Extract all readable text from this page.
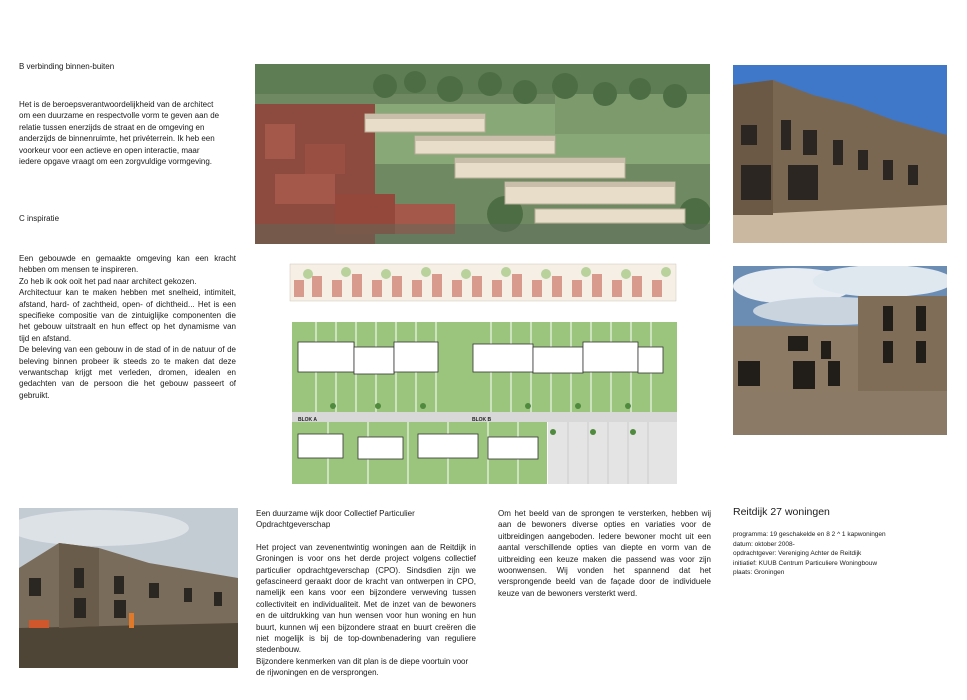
B verbinding binnen-buiten
Het is de beroepsverantwoordelijkheid van de architect om een duurzame en respectvolle vorm te geven aan de relatie tussen enerzijds de straat en de omgeving en anderzijds de binnenruimte, het privéterrein. Ik heb een voorkeur voor een actieve en open interactie, maar iedere opgave vraagt om een zorgvuldige vormgeving.
C inspiratie
Een gebouwde en gemaakte omgeving kan een kracht hebben om mensen te inspireren.
Zo heb ik ook ooit het pad naar architect gekozen.
Architectuur kan te maken hebben met snelheid, intimiteit, afstand, hard- of zachtheid, open- of dichtheid... Het is een specifieke compositie van de zintuiglijke componenten die het gebouw uitstraalt en hun effect op het dynamisme van tijd en afstand.
De beleving van een gebouw in de stad of in de natuur of de beleving binnen probeer ik steeds zo te maken dat deze verwantschap krijgt met verleden, dromen, idealen en gedachten van de persoon die het gebouw passeert of gebruikt.
BLOK A	BLOK B
Een duurzame wijk door Collectief Particulier Opdrachtgeverschap
Het project van zevenentwintig woningen aan de Reitdijk in Groningen is voor ons het derde project volgens collectief particulier opdrachtgeverschap (CPO). Sindsdien zijn we gefascineerd geraakt door de kracht van ontwerpen in CPO, namelijk een kans voor een bijzondere verweving tussen collectiviteit en individualiteit. Met de inzet van de bewoners en de uitdrukking van hun wensen voor hun woning en hun buurt, kunnen wij een bijzondere straat en buurt creëren die niet mogelijk is bij de top-downbenadering van reguliere stedenbouw.
Bijzondere kenmerken van dit plan is de diepe voortuin voor de rijwoningen en de versprongen.
Om het beeld van de sprongen te versterken, hebben wij aan de bewoners diverse opties en variaties voor de uitbreidingen aangeboden. Iedere bewoner mocht uit een aantal verschillende opties van diepte en vorm van de uitbreiding een keuze maken die passend was voor zijn woonwensen. Wij vonden het spannend dat het versprongende beeld van de façade door de individuele keuze van de bewoners versterkt werd.
Reitdijk 27 woningen
programma: 19 geschakelde en 8 2 ^ 1 kapwoningen
datum: oktober 2008-
opdrachtgever: Vereniging Achter de Reitdijk
initiatief: KUUB Centrum Particuliere Woningbouw
plaats: Groningen
